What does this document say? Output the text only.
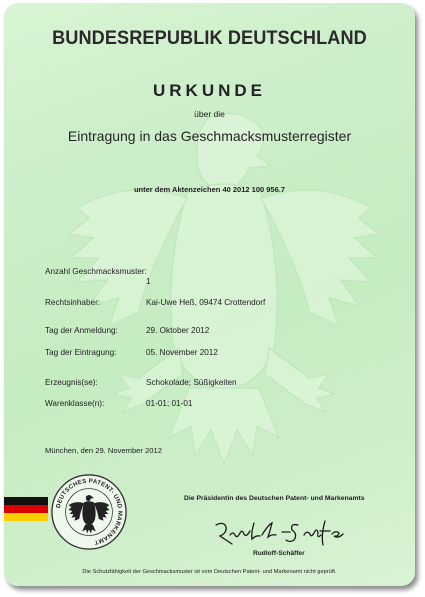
BUNDESREPUBLIK DEUTSCHLAND
URKUNDE
über die
Eintragung in das Geschmacksmusterregister
unter dem Aktenzeichen 40 2012 100 956.7
Anzahl Geschmacksmuster:
1
Rechtsinhaber:	Kai-Uwe Heß, 09474 Crottendorf
Tag der Anmeldung:	29. Oktober 2012
Tag der Eintragung:	05. November 2012
Erzeugnis(se):	Schokolade; Süßigkeiten
Warenklasse(n):	01-01; 01-01
München, den 29. November 2012
DEUTSCHES PATENT- UND MARKENAMT
Die Präsidentin des Deutschen Patent- und Markenamts
Rudloff-Schäffer
Die Schutzfähigkeit der Geschmacksmuster ist vom Deutschen Patent- und Markenamt nicht geprüft.
